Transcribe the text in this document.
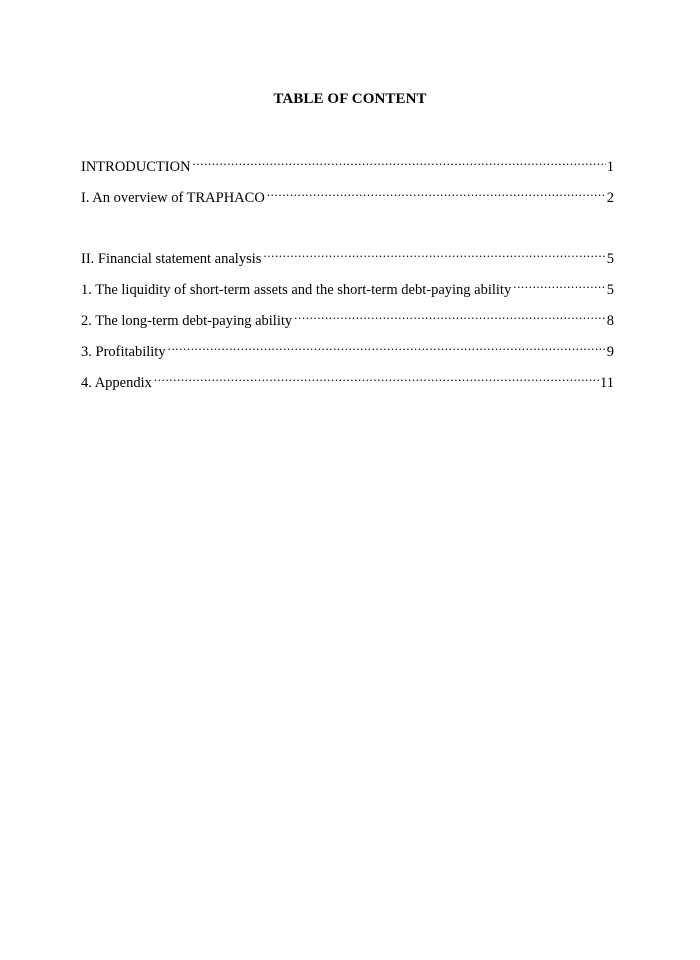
TABLE OF CONTENT
INTRODUCTION .....	1
I. An overview of TRAPHACO .....	2
II. Financial statement analysis .....	5
1. The liquidity of short-term assets and the short-term debt-paying ability .....	5
2. The long-term debt-paying ability .....	8
3. Profitability .....	9
4. Appendix .....	11
